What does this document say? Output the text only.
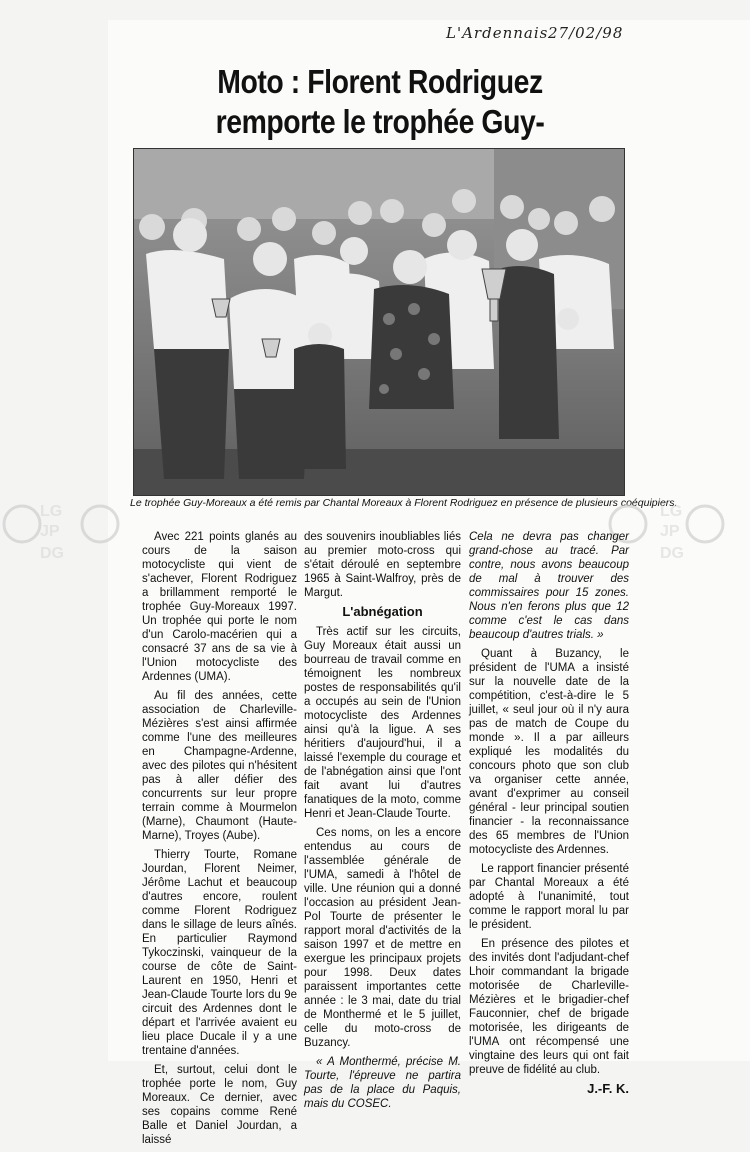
L'Ardennais 27/02/98
Moto : Florent Rodriguez
remporte le trophée Guy-
Le trophée Guy-Moreaux a été remis par Chantal Moreaux à Florent Rodriguez en présence de plusieurs coéquipiers.
LG
JP
DG
LG
JP
DG

Avec 221 points glanés au cours de la saison motocycliste qui vient de s'achever, Florent Rodriguez a brillamment remporté le trophée Guy-Moreaux 1997. Un trophée qui porte le nom d'un Carolo-macérien qui a consacré 37 ans de sa vie à l'Union motocycliste des Ardennes (UMA).

Au fil des années, cette association de Charleville-Mézières s'est ainsi affirmée comme l'une des meilleures en Champagne-Ardenne, avec des pilotes qui n'hésitent pas à aller défier des concurrents sur leur propre terrain comme à Mourmelon (Marne), Chaumont (Haute-Marne), Troyes (Aube).

Thierry Tourte, Romane Jourdan, Florent Neimer, Jérôme Lachut et beaucoup d'autres encore, roulent comme Florent Rodriguez dans le sillage de leurs aînés. En particulier Raymond Tykoczinski, vainqueur de la course de côte de Saint-Laurent en 1950, Henri et Jean-Claude Tourte lors du 9e circuit des Ardennes dont le départ et l'arrivée avaient eu lieu place Ducale il y a une trentaine d'années.

Et, surtout, celui dont le trophée porte le nom, Guy Moreaux. Ce dernier, avec ses copains comme René Balle et Daniel Jourdan, a laissé

des souvenirs inoubliables liés au premier moto-cross qui s'était déroulé en septembre 1965 à Saint-Walfroy, près de Margut.

L'abnégation

Très actif sur les circuits, Guy Moreaux était aussi un bourreau de travail comme en témoignent les nombreux postes de responsabilités qu'il a occupés au sein de l'Union motocycliste des Ardennes ainsi qu'à la ligue. A ses héritiers d'aujourd'hui, il a laissé l'exemple du courage et de l'abnégation ainsi que l'ont fait avant lui d'autres fanatiques de la moto, comme Henri et Jean-Claude Tourte.

Ces noms, on les a encore entendus au cours de l'assemblée générale de l'UMA, samedi à l'hôtel de ville. Une réunion qui a donné l'occasion au président Jean-Pol Tourte de présenter le rapport moral d'activités de la saison 1997 et de mettre en exergue les principaux projets pour 1998. Deux dates paraissent importantes cette année : le 3 mai, date du trial de Monthermé et le 5 juillet, celle du moto-cross de Buzancy.

« A Monthermé, précise M. Tourte, l'épreuve ne partira pas de la place du Paquis, mais du COSEC.

Cela ne devra pas changer grand-chose au tracé. Par contre, nous avons beaucoup de mal à trouver des commissaires pour 15 zones. Nous n'en ferons plus que 12 comme c'est le cas dans beaucoup d'autres trials. »

Quant à Buzancy, le président de l'UMA a insisté sur la nouvelle date de la compétition, c'est-à-dire le 5 juillet, « seul jour où il n'y aura pas de match de Coupe du monde ». Il a par ailleurs expliqué les modalités du concours photo que son club va organiser cette année, avant d'exprimer au conseil général - leur principal soutien financier - la reconnaissance des 65 membres de l'Union motocycliste des Ardennes.

Le rapport financier présenté par Chantal Moreaux a été adopté à l'unanimité, tout comme le rapport moral lu par le président.

En présence des pilotes et des invités dont l'adjudant-chef Lhoir commandant la brigade motorisée de Charleville-Mézières et le brigadier-chef Fauconnier, chef de brigade motorisée, les dirigeants de l'UMA ont récompensé une vingtaine des leurs qui ont fait preuve de fidélité au club.

J.-F. K.
